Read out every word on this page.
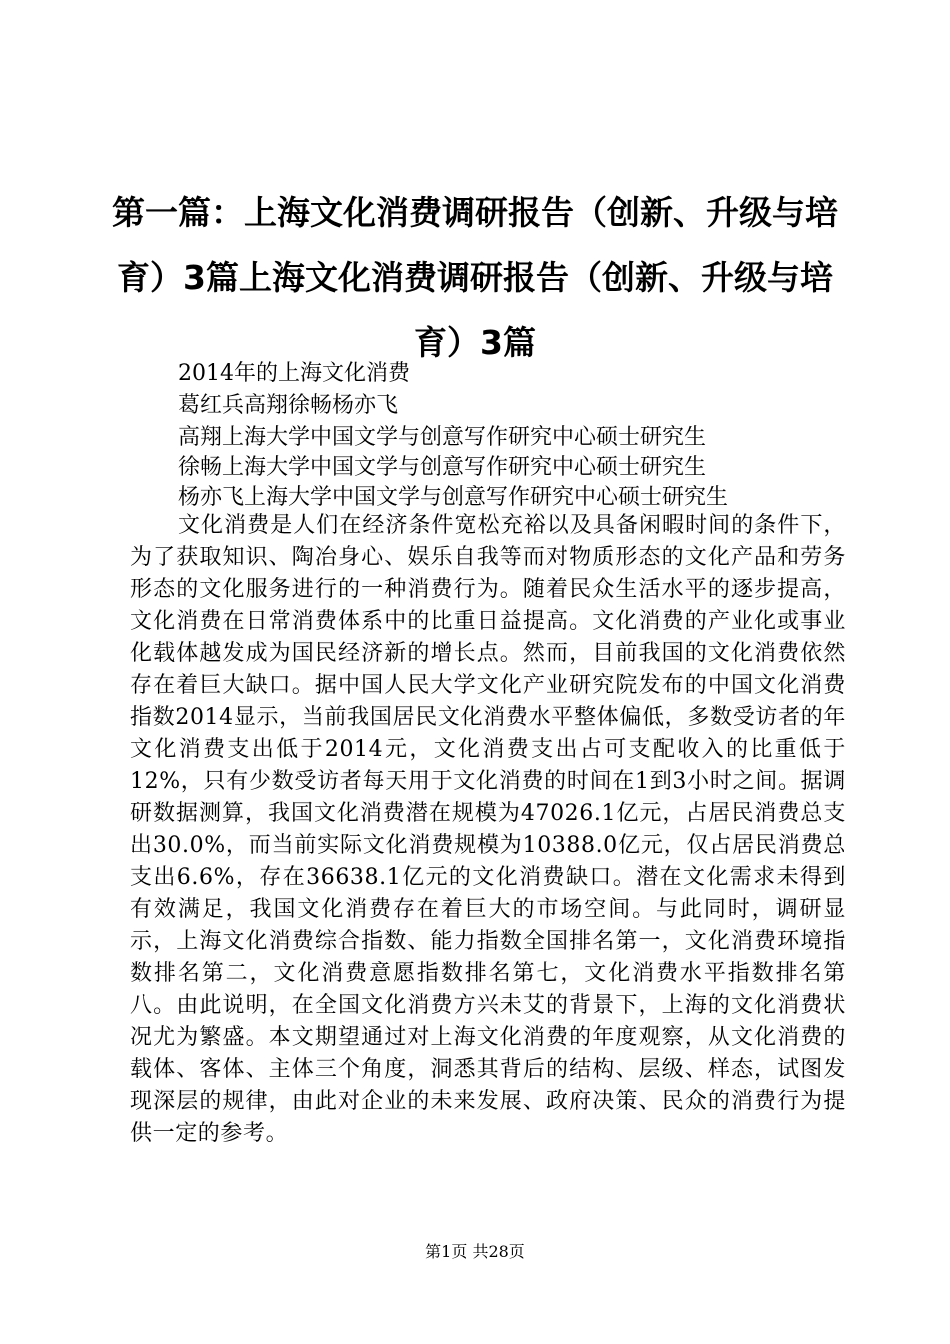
第一篇：上海文化消费调研报告（创新、升级与培育）3篇上海文化消费调研报告（创新、升级与培育）3篇

2014年的上海文化消费

葛红兵高翔徐畅杨亦飞

高翔上海大学中国文学与创意写作研究中心硕士研究生

徐畅上海大学中国文学与创意写作研究中心硕士研究生

杨亦飞上海大学中国文学与创意写作研究中心硕士研究生

文化消费是人们在经济条件宽松充裕以及具备闲暇时间的条件下，为了获取知识、陶冶身心、娱乐自我等而对物质形态的文化产品和劳务形态的文化服务进行的一种消费行为。随着民众生活水平的逐步提高，文化消费在日常消费体系中的比重日益提高。文化消费的产业化或事业化载体越发成为国民经济新的增长点。然而，目前我国的文化消费依然存在着巨大缺口。据中国人民大学文化产业研究院发布的中国文化消费指数2014显示，当前我国居民文化消费水平整体偏低，多数受访者的年文化消费支出低于2014元，文化消费支出占可支配收入的比重低于12%，只有少数受访者每天用于文化消费的时间在1到3小时之间。据调研数据测算，我国文化消费潜在规模为47026.1亿元，占居民消费总支出30.0%，而当前实际文化消费规模为10388.0亿元，仅占居民消费总支出6.6%，存在36638.1亿元的文化消费缺口。潜在文化需求未得到有效满足，我国文化消费存在着巨大的市场空间。与此同时，调研显示，上海文化消费综合指数、能力指数全国排名第一，文化消费环境指数排名第二，文化消费意愿指数排名第七，文化消费水平指数排名第八。由此说明，在全国文化消费方兴未艾的背景下，上海的文化消费状况尤为繁盛。本文期望通过对上海文化消费的年度观察，从文化消费的载体、客体、主体三个角度，洞悉其背后的结构、层级、样态，试图发现深层的规律，由此对企业的未来发展、政府决策、民众的消费行为提供一定的参考。

第1页 共28页
